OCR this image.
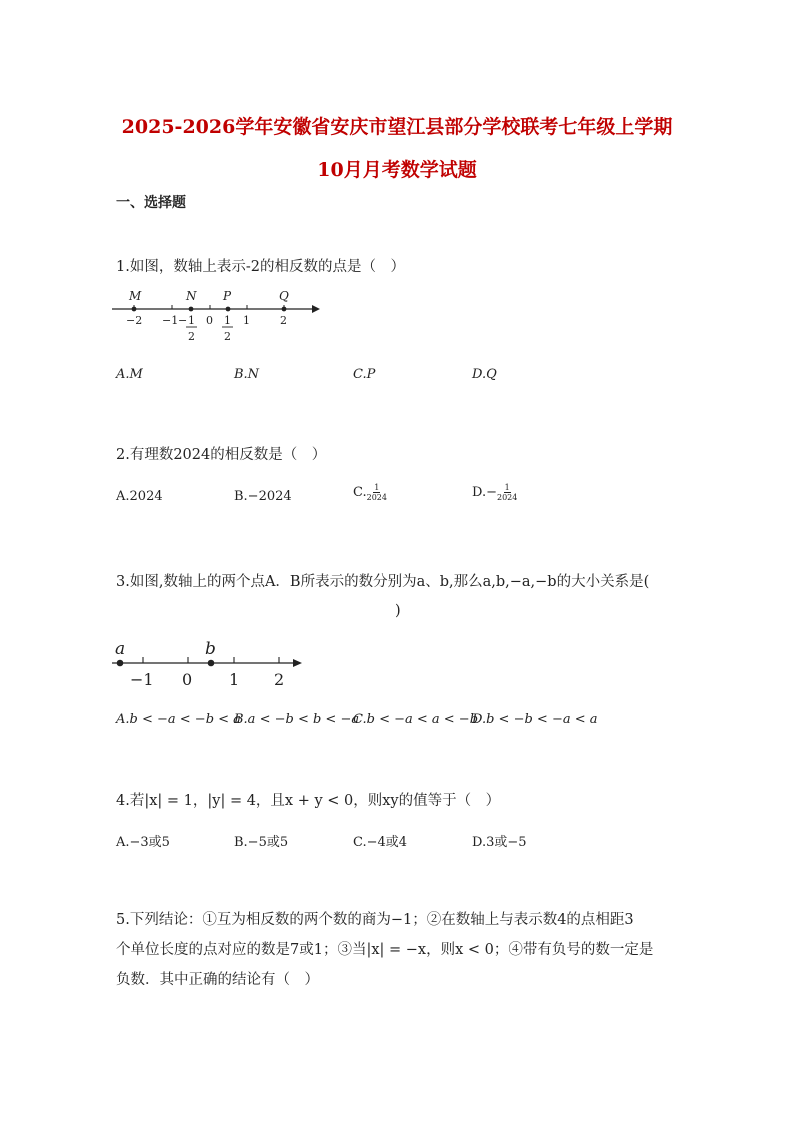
2025-2026学年安徽省安庆市望江县部分学校联考七年级上学期
10月月考数学试题
一、选择题
1.如图，数轴上表示-2的相反数的点是（　）
M	N P	Q
−2 −1	0	1	2
− 1
2
1
2
A.M	B.N	C.P	D.Q
2.有理数2024的相反数是（　）
A.2024	B.−2024	C. $\frac{1}{2024}$	$D.- \frac{1}{2024}$
3.如图,数轴上的两个点A．B所表示的数分别为a、b,那么a,b,−a,−b的大小关系是(
)
a	b
−1 0 1 2
A.b < −a < −b < a
B.a < −b < b < −a
C.b < −a < a < −b
D.b < −b < −a < a
4.若|x| = 1，|y| = 4，且x + y < 0，则xy的值等于（　）
A.−3或5	B.−5或5	C.−4或4	D.3或−5
5.下列结论：①互为相反数的两个数的商为−1；②在数轴上与表示数4的点相距3
个单位长度的点对应的数是7或1；③当|x| = −x，则x < 0；④带有负号的数一定是
负数．其中正确的结论有（　）
